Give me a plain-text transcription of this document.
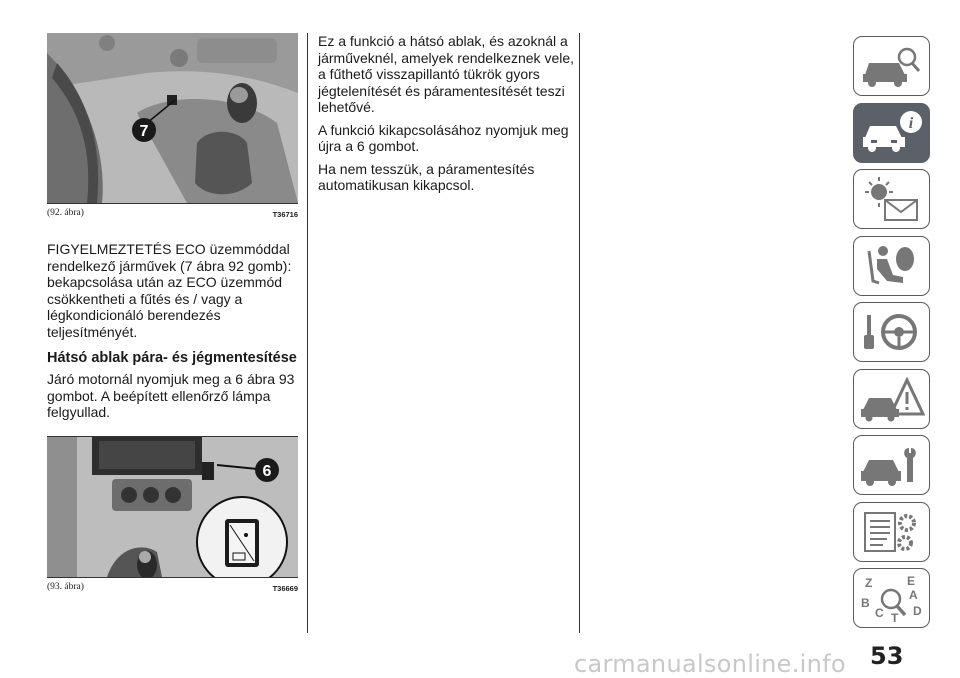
7
(92. ábra)	T36716

FIGYELMEZTETÉS ECO üzemmóddal rendelkező járművek (7 ábra 92 gomb): bekapcsolása után az ECO üzemmód csökkentheti a fűtés és / vagy a légkondicionáló berendezés teljesítményét.

Hátsó ablak pára- és jégmentesítése

Járó motornál nyomjuk meg a 6 ábra 93 gombot. A beépített ellenőrző lámpa felgyullad.

6
(93. ábra)	T36669

Ez a funkció a hátsó ablak, és azoknál a járműveknél, amelyek rendelkeznek vele, a fűthető visszapillantó tükrök gyors jégtelenítését és páramentesítését teszi lehetővé.

A funkció kikapcsolásához nyomjuk meg újra a 6 gombot.

Ha nem tesszük, a páramentesítés automatikusan kikapcsol.

i
Z	E
A
B
C D
T
53
carmanualsonline.info
